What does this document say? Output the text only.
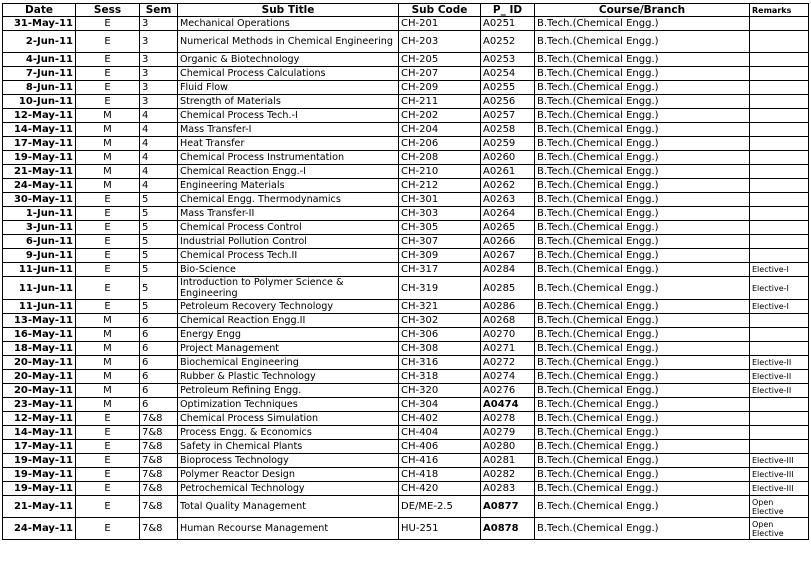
Date	Sess	Sem	Sub Title	Sub Code	P_ ID	Course/Branch	Remarks
31-May-11	E	3	Mechanical Operations	CH-201	A0251	B.Tech.(Chemical Engg.)	
2-Jun-11	E	3	Numerical Methods in Chemical Engineering	CH-203	A0252	B.Tech.(Chemical Engg.)	
4-Jun-11	E	3	Organic & Biotechnology	CH-205	A0253	B.Tech.(Chemical Engg.)	
7-Jun-11	E	3	Chemical Process Calculations	CH-207	A0254	B.Tech.(Chemical Engg.)	
8-Jun-11	E	3	Fluid Flow	CH-209	A0255	B.Tech.(Chemical Engg.)	
10-Jun-11	E	3	Strength of Materials	CH-211	A0256	B.Tech.(Chemical Engg.)	
12-May-11	M	4	Chemical Process Tech.-I	CH-202	A0257	B.Tech.(Chemical Engg.)	
14-May-11	M	4	Mass Transfer-I	CH-204	A0258	B.Tech.(Chemical Engg.)	
17-May-11	M	4	Heat Transfer	CH-206	A0259	B.Tech.(Chemical Engg.)	
19-May-11	M	4	Chemical Process Instrumentation	CH-208	A0260	B.Tech.(Chemical Engg.)	
21-May-11	M	4	Chemical Reaction Engg.-I	CH-210	A0261	B.Tech.(Chemical Engg.)	
24-May-11	M	4	Engineering Materials	CH-212	A0262	B.Tech.(Chemical Engg.)	
30-May-11	E	5	Chemical Engg. Thermodynamics	CH-301	A0263	B.Tech.(Chemical Engg.)	
1-Jun-11	E	5	Mass Transfer-II	CH-303	A0264	B.Tech.(Chemical Engg.)	
3-Jun-11	E	5	Chemical Process Control	CH-305	A0265	B.Tech.(Chemical Engg.)	
6-Jun-11	E	5	Industrial Pollution Control	CH-307	A0266	B.Tech.(Chemical Engg.)	
9-Jun-11	E	5	Chemical Process Tech.II	CH-309	A0267	B.Tech.(Chemical Engg.)	
11-Jun-11	E	5	Bio-Science	CH-317	A0284	B.Tech.(Chemical Engg.)	Elective-I
11-Jun-11	E	5	Introduction to Polymer Science & Engineering	CH-319	A0285	B.Tech.(Chemical Engg.)	Elective-I
11-Jun-11	E	5	Petroleum Recovery Technology	CH-321	A0286	B.Tech.(Chemical Engg.)	Elective-I
13-May-11	M	6	Chemical Reaction Engg.II	CH-302	A0268	B.Tech.(Chemical Engg.)	
16-May-11	M	6	Energy Engg	CH-306	A0270	B.Tech.(Chemical Engg.)	
18-May-11	M	6	Project Management	CH-308	A0271	B.Tech.(Chemical Engg.)	
20-May-11	M	6	Biochemical Engineering	CH-316	A0272	B.Tech.(Chemical Engg.)	Elective-II
20-May-11	M	6	Rubber & Plastic Technology	CH-318	A0274	B.Tech.(Chemical Engg.)	Elective-II
20-May-11	M	6	Petroleum Refining Engg.	CH-320	A0276	B.Tech.(Chemical Engg.)	Elective-II
23-May-11	M	6	Optimization Techniques	CH-304	A0474	B.Tech.(Chemical Engg.)	
12-May-11	E	7&8	Chemical Process Simulation	CH-402	A0278	B.Tech.(Chemical Engg.)	
14-May-11	E	7&8	Process Engg. & Economics	CH-404	A0279	B.Tech.(Chemical Engg.)	
17-May-11	E	7&8	Safety in Chemical Plants	CH-406	A0280	B.Tech.(Chemical Engg.)	
19-May-11	E	7&8	Bioprocess Technology	CH-416	A0281	B.Tech.(Chemical Engg.)	Elective-III
19-May-11	E	7&8	Polymer Reactor Design	CH-418	A0282	B.Tech.(Chemical Engg.)	Elective-III
19-May-11	E	7&8	Petrochemical Technology	CH-420	A0283	B.Tech.(Chemical Engg.)	Elective-III
21-May-11	E	7&8	Total Quality Management	DE/ME-2.5	A0877	B.Tech.(Chemical Engg.)	Open Elective
24-May-11	E	7&8	Human Recourse Management	HU-251	A0878	B.Tech.(Chemical Engg.)	Open Elective
